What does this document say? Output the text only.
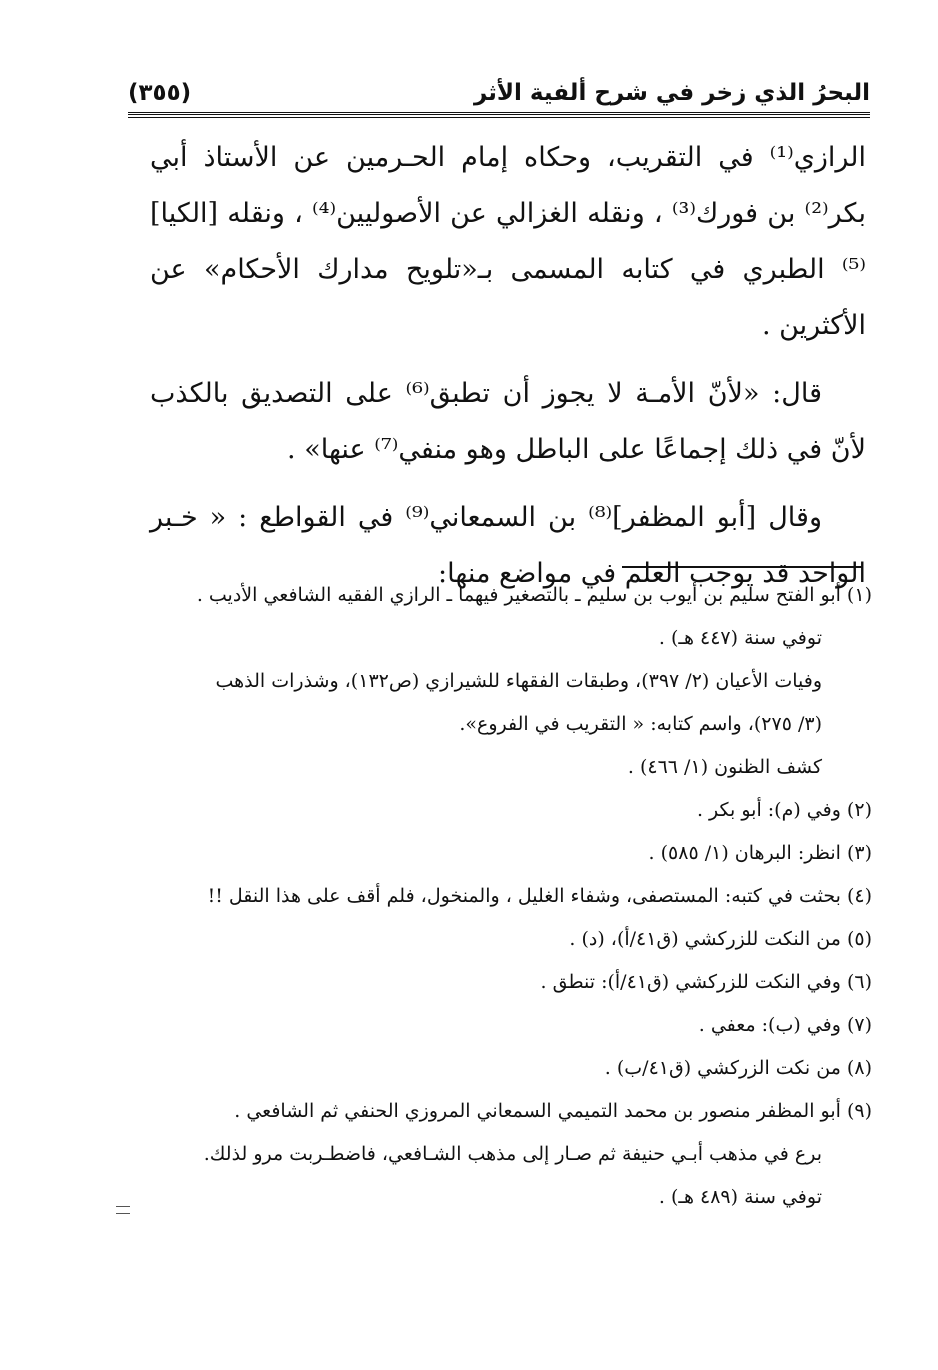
(٣٥٥)	البحرُ الذي زخر في شرح ألفية الأثر

الرازي⁽¹⁾ في التقريب، وحكاه إمام الحـرمين عن الأستاذ أبي بكر⁽²⁾ بن فورك⁽³⁾ ، ونقله الغزالي عن الأصوليين⁽⁴⁾ ، ونقله [الكيا]⁽⁵⁾ الطبري في كتابه المسمى بـ«تلويح مدارك الأحكام» عن الأكثرين .

قال: «لأنّ الأمـة لا يجوز أن تطبق⁽⁶⁾ على التصديق بالكذب لأنّ في ذلك إجماعًا على الباطل وهو منفي⁽⁷⁾ عنها» .

وقال [أبو المظفر]⁽⁸⁾ بن السمعاني⁽⁹⁾ في القواطع : « خـبر الواحد قد يوجب العلم في مواضع منها:

(١) أبو الفتح سليم بن أيوب بن سليم ـ بالتصغير فيهما ـ الرازي الفقيه الشافعي الأديب .
توفي سنة (٤٤٧ هـ) .
وفيات الأعيان (٢/ ٣٩٧)، وطبقات الفقهاء للشيرازي (ص١٣٢)، وشذرات الذهب
(٣/ ٢٧٥)، واسم كتابه: « التقريب في الفروع».
كشف الظنون (١/ ٤٦٦) .
(٢) وفي (م): أبو بكر .
(٣) انظر: البرهان (١/ ٥٨٥) .
(٤) بحثت في كتبه: المستصفى، وشفاء الغليل ، والمنخول، فلم أقف على هذا النقل !!
(٥) من النكت للزركشي (ق٤١/أ)، (د) .
(٦) وفي النكت للزركشي (ق٤١/أ): تنطق .
(٧) وفي (ب): معفي .
(٨) من نكت الزركشي (ق٤١/ب) .
(٩) أبو المظفر منصور بن محمد التميمي السمعاني المروزي الحنفي ثم الشافعي .
برع في مذهب أبـي حنيفة ثم صـار إلى مذهب الشـافعي، فاضطـربت مرو لذلك.
توفي سنة (٤٨٩ هـ) .
